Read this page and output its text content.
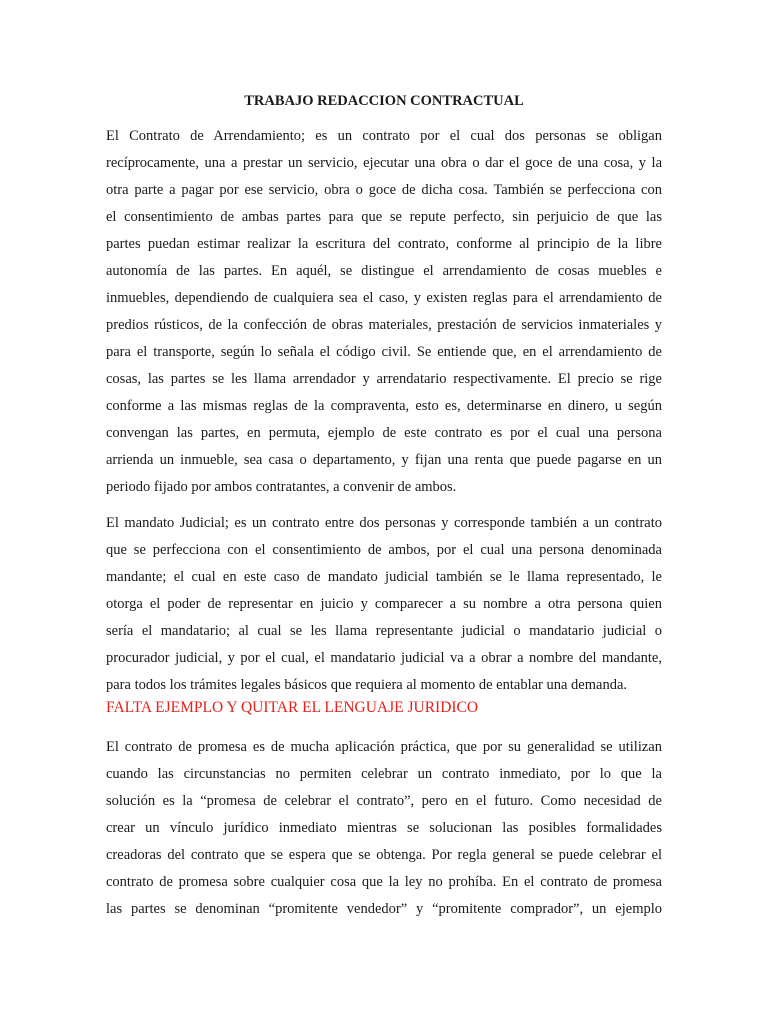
TRABAJO REDACCION CONTRACTUAL
El Contrato de Arrendamiento; es un contrato por el cual dos personas se obligan
recíprocamente, una a prestar un servicio, ejecutar una obra o dar el goce de una cosa, y la
otra parte a pagar por ese servicio, obra o goce de dicha cosa. También se perfecciona con
el consentimiento de ambas partes para que se repute perfecto, sin perjuicio de que las
partes puedan estimar realizar la escritura del contrato, conforme al principio de la libre
autonomía de las partes. En aquél, se distingue el arrendamiento de cosas muebles e
inmuebles, dependiendo de cualquiera sea el caso, y existen reglas para el arrendamiento de
predios rústicos, de la confección de obras materiales, prestación de servicios inmateriales y
para el transporte, según lo señala el código civil. Se entiende que, en el arrendamiento de
cosas, las partes se les llama arrendador y arrendatario respectivamente. El precio se rige
conforme a las mismas reglas de la compraventa, esto es, determinarse en dinero, u según
convengan las partes, en permuta, ejemplo de este contrato es por el cual una persona
arrienda un inmueble, sea casa o departamento, y fijan una renta que puede pagarse en un
periodo fijado por ambos contratantes, a convenir de ambos.
El mandato Judicial; es un contrato entre dos personas y corresponde también a un contrato
que se perfecciona con el consentimiento de ambos, por el cual una persona denominada
mandante; el cual en este caso de mandato judicial también se le llama representado, le
otorga el poder de representar en juicio y comparecer a su nombre a otra persona quien
sería el mandatario; al cual se les llama representante judicial o mandatario judicial o
procurador judicial, y por el cual, el mandatario judicial va a obrar a nombre del mandante,
para todos los trámites legales básicos que requiera al momento de entablar una demanda.

FALTA EJEMPLO Y QUITAR EL LENGUAJE JURIDICO

El contrato de promesa es de mucha aplicación práctica, que por su generalidad se utilizan
cuando las circunstancias no permiten celebrar un contrato inmediato, por lo que la
solución es la “promesa de celebrar el contrato”, pero en el futuro. Como necesidad de
crear un vínculo jurídico inmediato mientras se solucionan las posibles formalidades
creadoras del contrato que se espera que se obtenga. Por regla general se puede celebrar el
contrato de promesa sobre cualquier cosa que la ley no prohíba. En el contrato de promesa
las partes se denominan “promitente vendedor” y “promitente comprador”, un ejemplo
